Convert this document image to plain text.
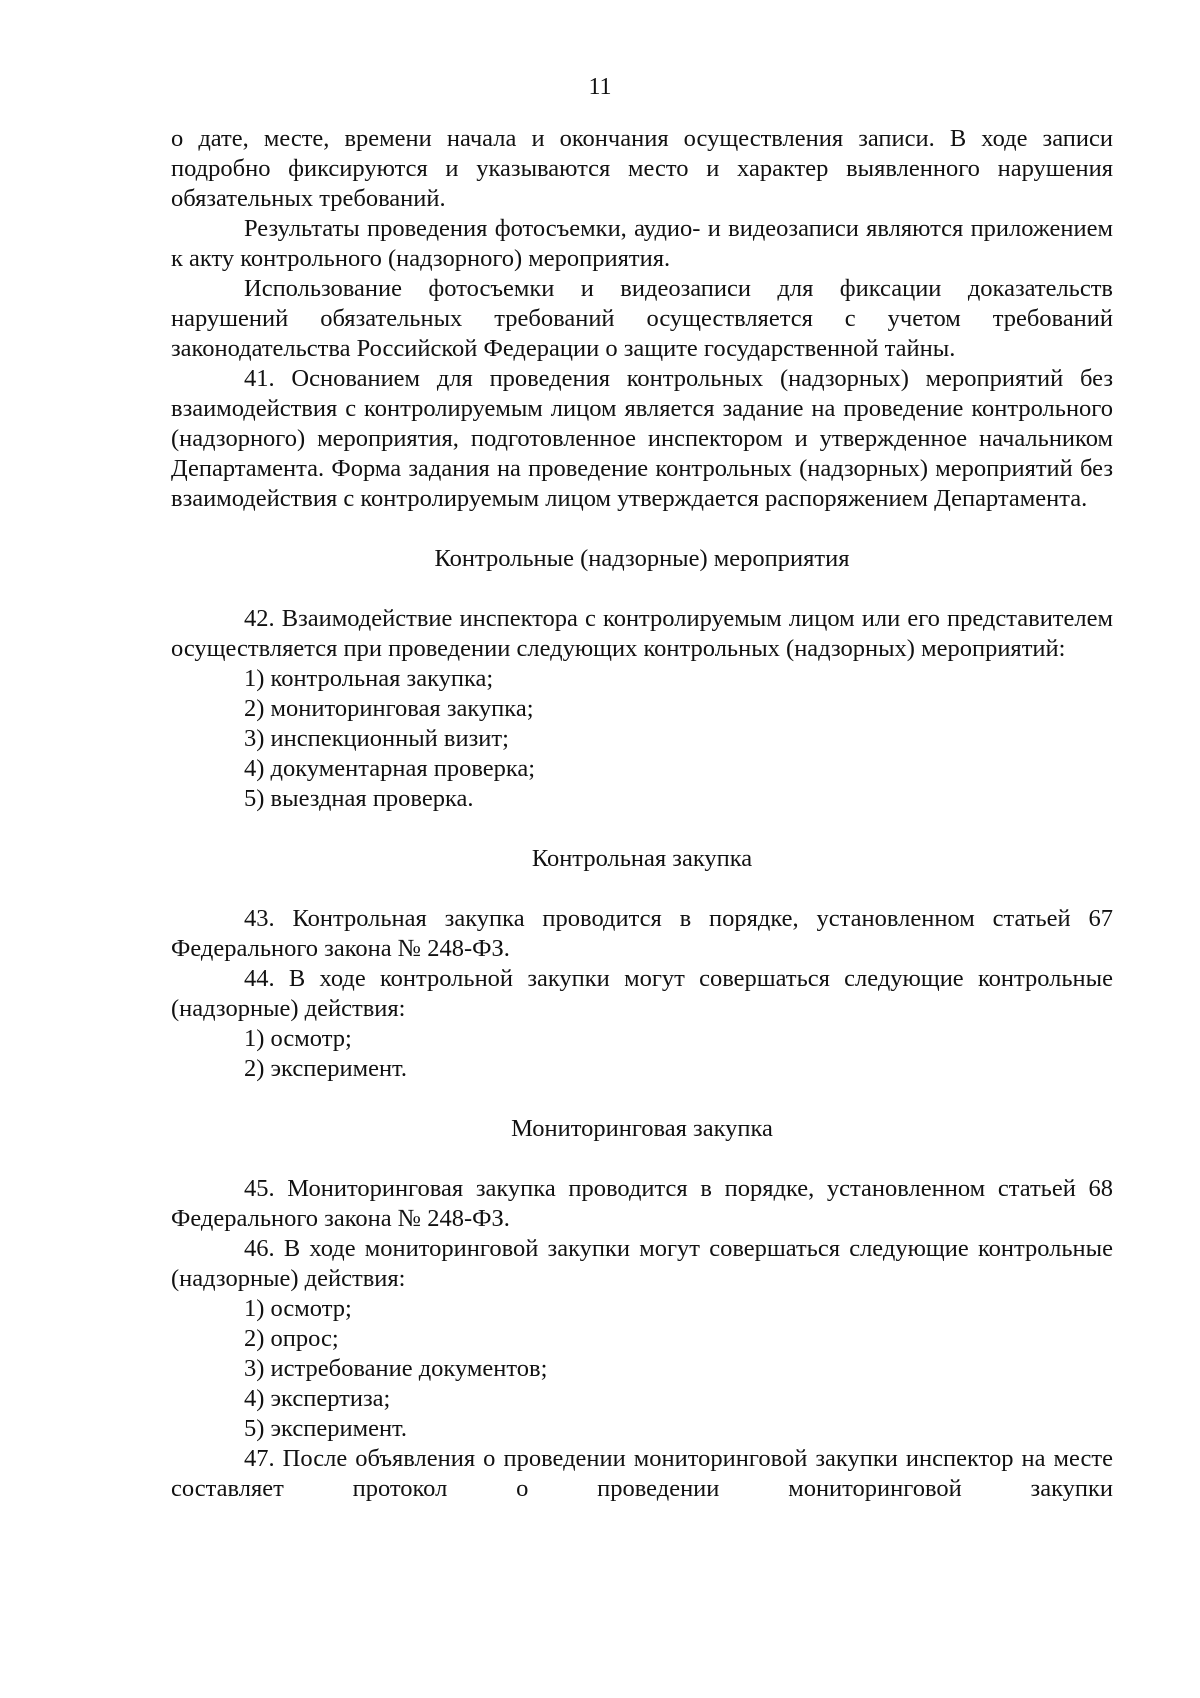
11

о дате, месте, времени начала и окончания осуществления записи. В ходе записи подробно фиксируются и указываются место и характер выявленного нарушения обязательных требований.

Результаты проведения фотосъемки, аудио- и видеозаписи являются приложением к акту контрольного (надзорного) мероприятия.

Использование фотосъемки и видеозаписи для фиксации доказательств нарушений обязательных требований осуществляется с учетом требований законодательства Российской Федерации о защите государственной тайны.

41. Основанием для проведения контрольных (надзорных) мероприятий без взаимодействия с контролируемым лицом является задание на проведение контрольного (надзорного) мероприятия, подготовленное инспектором и утвержденное начальником Департамента. Форма задания на проведение контрольных (надзорных) мероприятий без взаимодействия с контролируемым лицом утверждается распоряжением Департамента.

Контрольные (надзорные) мероприятия

42. Взаимодействие инспектора с контролируемым лицом или его представителем осуществляется при проведении следующих контрольных (надзорных) мероприятий:

1) контрольная закупка;

2) мониторинговая закупка;

3) инспекционный визит;

4) документарная проверка;

5) выездная проверка.

Контрольная закупка

43. Контрольная закупка проводится в порядке, установленном статьей 67 Федерального закона № 248-ФЗ.

44. В ходе контрольной закупки могут совершаться следующие контрольные (надзорные) действия:

1) осмотр;

2) эксперимент.

Мониторинговая закупка

45. Мониторинговая закупка проводится в порядке, установленном статьей 68 Федерального закона № 248-ФЗ.

46. В ходе мониторинговой закупки могут совершаться следующие контрольные (надзорные) действия:

1) осмотр;

2) опрос;

3) истребование документов;

4) экспертиза;

5) эксперимент.

47. После объявления о проведении мониторинговой закупки инспектор на месте составляет протокол о проведении мониторинговой закупки
